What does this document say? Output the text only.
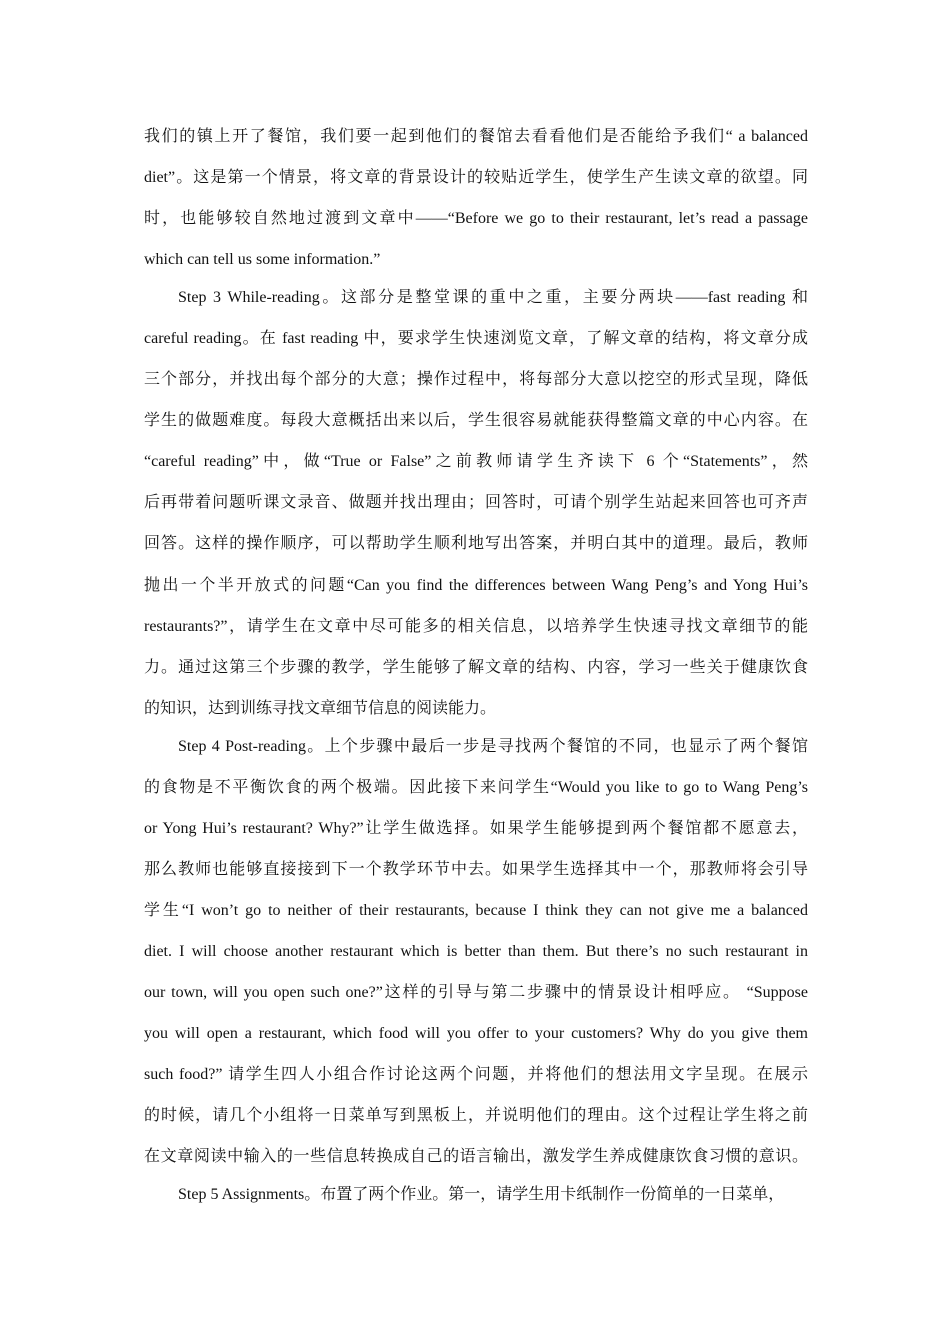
我们的镇上开了餐馆，我们要一起到他们的餐馆去看看他们是否能给予我们“ a balanced
diet”。这是第一个情景，将文章的背景设计的较贴近学生，使学生产生读文章的欲望。同
时，也能够较自然地过渡到文章中——“Before we go to their restaurant, let’s read a passage
which can tell us some information.”
Step 3 While-reading。这部分是整堂课的重中之重，主要分两块——fast reading 和
careful reading。在 fast reading 中，要求学生快速浏览文章，了解文章的结构，将文章分成
三个部分，并找出每个部分的大意；操作过程中，将每部分大意以挖空的形式呈现，降低
学生的做题难度。每段大意概括出来以后，学生很容易就能获得整篇文章的中心内容。在
“careful reading”中，做“True or False”之前教师请学生齐读下 6 个“Statements”，然
后再带着问题听课文录音、做题并找出理由；回答时，可请个别学生站起来回答也可齐声
回答。这样的操作顺序，可以帮助学生顺利地写出答案，并明白其中的道理。最后，教师
抛出一个半开放式的问题“Can you find the differences between Wang Peng’s and Yong Hui’s
restaurants?”，请学生在文章中尽可能多的相关信息，以培养学生快速寻找文章细节的能
力。通过这第三个步骤的教学，学生能够了解文章的结构、内容，学习一些关于健康饮食
的知识，达到训练寻找文章细节信息的阅读能力。
Step 4 Post-reading。上个步骤中最后一步是寻找两个餐馆的不同，也显示了两个餐馆
的食物是不平衡饮食的两个极端。因此接下来问学生“Would you like to go to Wang Peng’s
or Yong Hui’s restaurant? Why?”让学生做选择。如果学生能够提到两个餐馆都不愿意去，
那么教师也能够直接接到下一个教学环节中去。如果学生选择其中一个，那教师将会引导
学生“I won’t go to neither of their restaurants, because I think they can not give me a balanced
diet. I will choose another restaurant which is better than them. But there’s no such restaurant in
our town, will you open such one?”这样的引导与第二步骤中的情景设计相呼应。 “Suppose
you will open a restaurant, which food will you offer to your customers? Why do you give them
such food?” 请学生四人小组合作讨论这两个问题，并将他们的想法用文字呈现。在展示
的时候，请几个小组将一日菜单写到黑板上，并说明他们的理由。这个过程让学生将之前
在文章阅读中输入的一些信息转换成自己的语言输出，激发学生养成健康饮食习惯的意识。
Step 5 Assignments。布置了两个作业。第一，请学生用卡纸制作一份简单的一日菜单，
